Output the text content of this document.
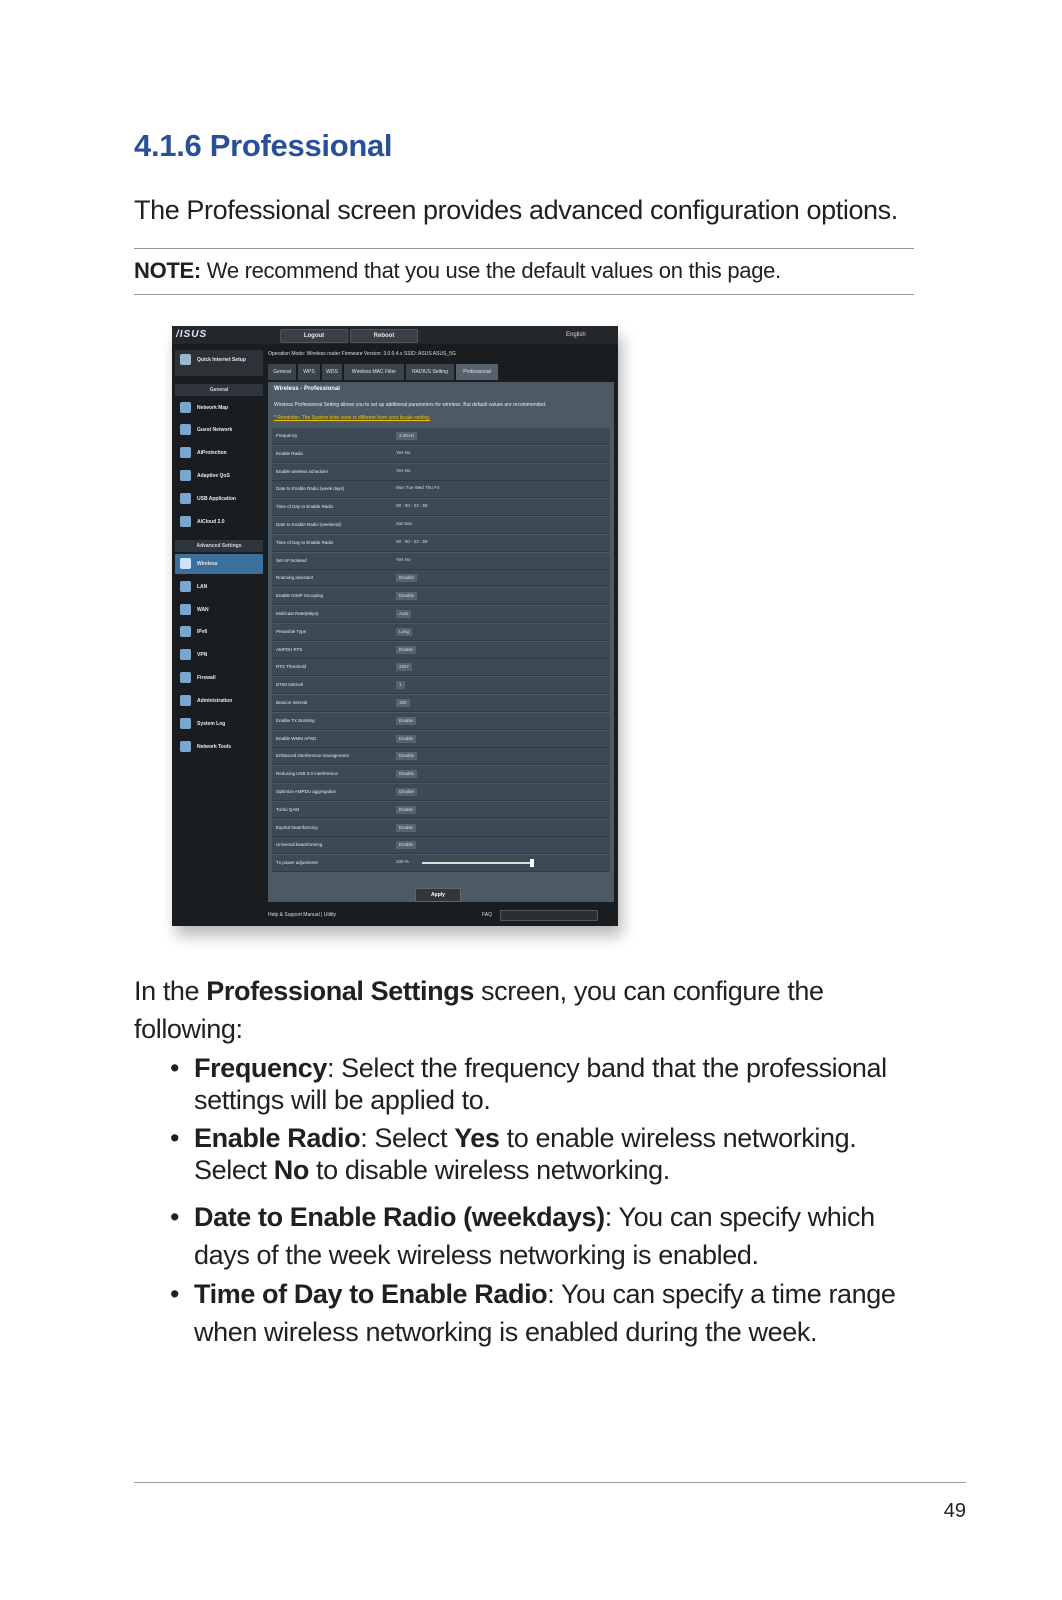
4.1.6 Professional
The Professional screen provides advanced configuration options.
NOTE: We recommend that you use the default values on this page.
/ISUS	Logout	Reboot	English
Quick Internet Setup
General
Network Map
Guest Network
AiProtection
Adaptive QoS
USB Application
AiCloud 2.0
Advanced Settings
Wireless
LAN
WAN
IPv6
VPN
Firewall
Administration
System Log
Network Tools
Operation Mode: Wireless router Firmware Version: 3.0.0.4.x SSID: ASUS ASUS_5G
General	WPS	WDS	Wireless MAC Filter	RADIUS Setting	Professional
Wireless - Professional
Wireless Professional Setting allows you to set up additional parameters for wireless. But default values are recommended.
* Reminder: The System time zone is different from your locale setting.
Frequency	2.4GHz
Enable Radio	Yes No
Enable wireless scheduler	Yes No
Date to Enable Radio (week days)	Mon Tue Wed Thu Fri
Time of Day to Enable Radio	00 : 00 - 23 : 59
Date to Enable Radio (weekend)	Sat Sun
Time of Day to Enable Radio	00 : 00 - 23 : 59
Set AP Isolated	Yes No
Roaming assistant	Disable
Enable IGMP Snooping	Disable
Multicast Rate(Mbps)	Auto
Preamble Type	Long
AMPDU RTS	Enable
RTS Threshold	2347
DTIM Interval	1
Beacon Interval	100
Enable TX Bursting	Enable
Enable WMM APSD	Enable
Enhanced interference management	Disable
Reducing USB 3.0 interference	Disable
Optimize AMPDU aggregation	Disable
Turbo QAM	Enable
Explicit beamforming	Enable
Universal beamforming	Enable
Tx power adjustment	100 %
Apply
Help & Support Manual | Utility	FAQ
In the Professional Settings screen, you can configure the following:
• Frequency: Select the frequency band that the professional settings will be applied to.
• Enable Radio: Select Yes to enable wireless networking. Select No to disable wireless networking.
• Date to Enable Radio (weekdays): You can specify which days of the week wireless networking is enabled.
• Time of Day to Enable Radio: You can specify a time range when wireless networking is enabled during the week.
49
